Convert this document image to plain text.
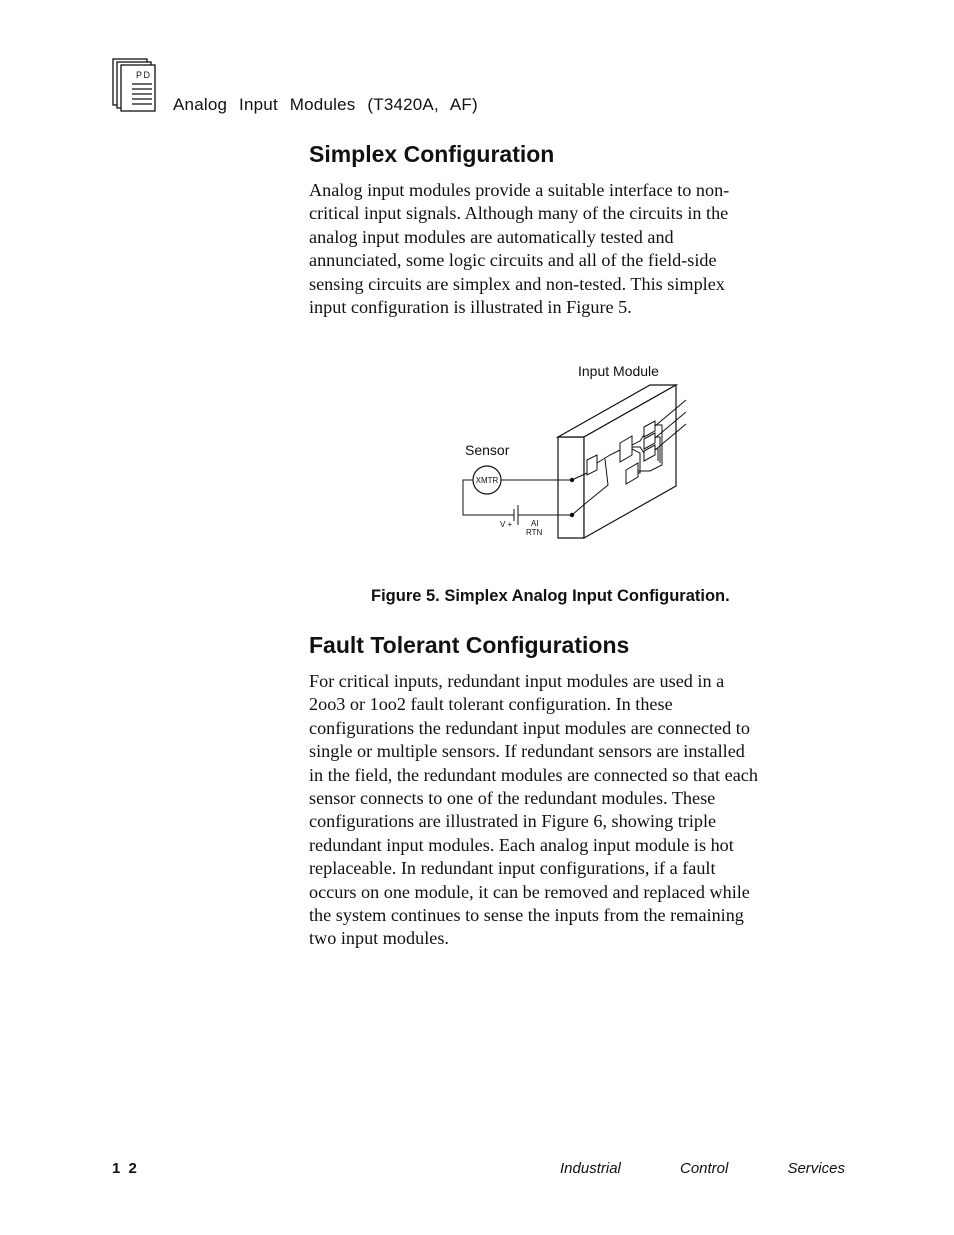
PD
Analog Input Modules (T3420A, AF)
Simplex Configuration

Analog input modules provide a suitable interface to non-
critical input signals. Although many of the circuits in the
analog input modules are automatically tested and
annunciated, some logic circuits and all of the field-side
sensing circuits are simplex and non-tested. This simplex
input configuration is illustrated in Figure 5.

Input Module
Sensor
XMTR
V + AI
RTN
Figure 5. Simplex Analog Input Configuration.
Fault Tolerant Configurations

For critical inputs, redundant input modules are used in a
2oo3 or 1oo2 fault tolerant configuration. In these
configurations the redundant input modules are connected to
single or multiple sensors. If redundant sensors are installed
in the field, the redundant modules are connected so that each
sensor connects to one of the redundant modules. These
configurations are illustrated in Figure 6, showing triple
redundant input modules. Each analog input module is hot
replaceable. In redundant input configurations, if a fault
occurs on one module, it can be removed and replaced while
the system continues to sense the inputs from the remaining
two input modules.

1 2	Industrial	Control	Services
